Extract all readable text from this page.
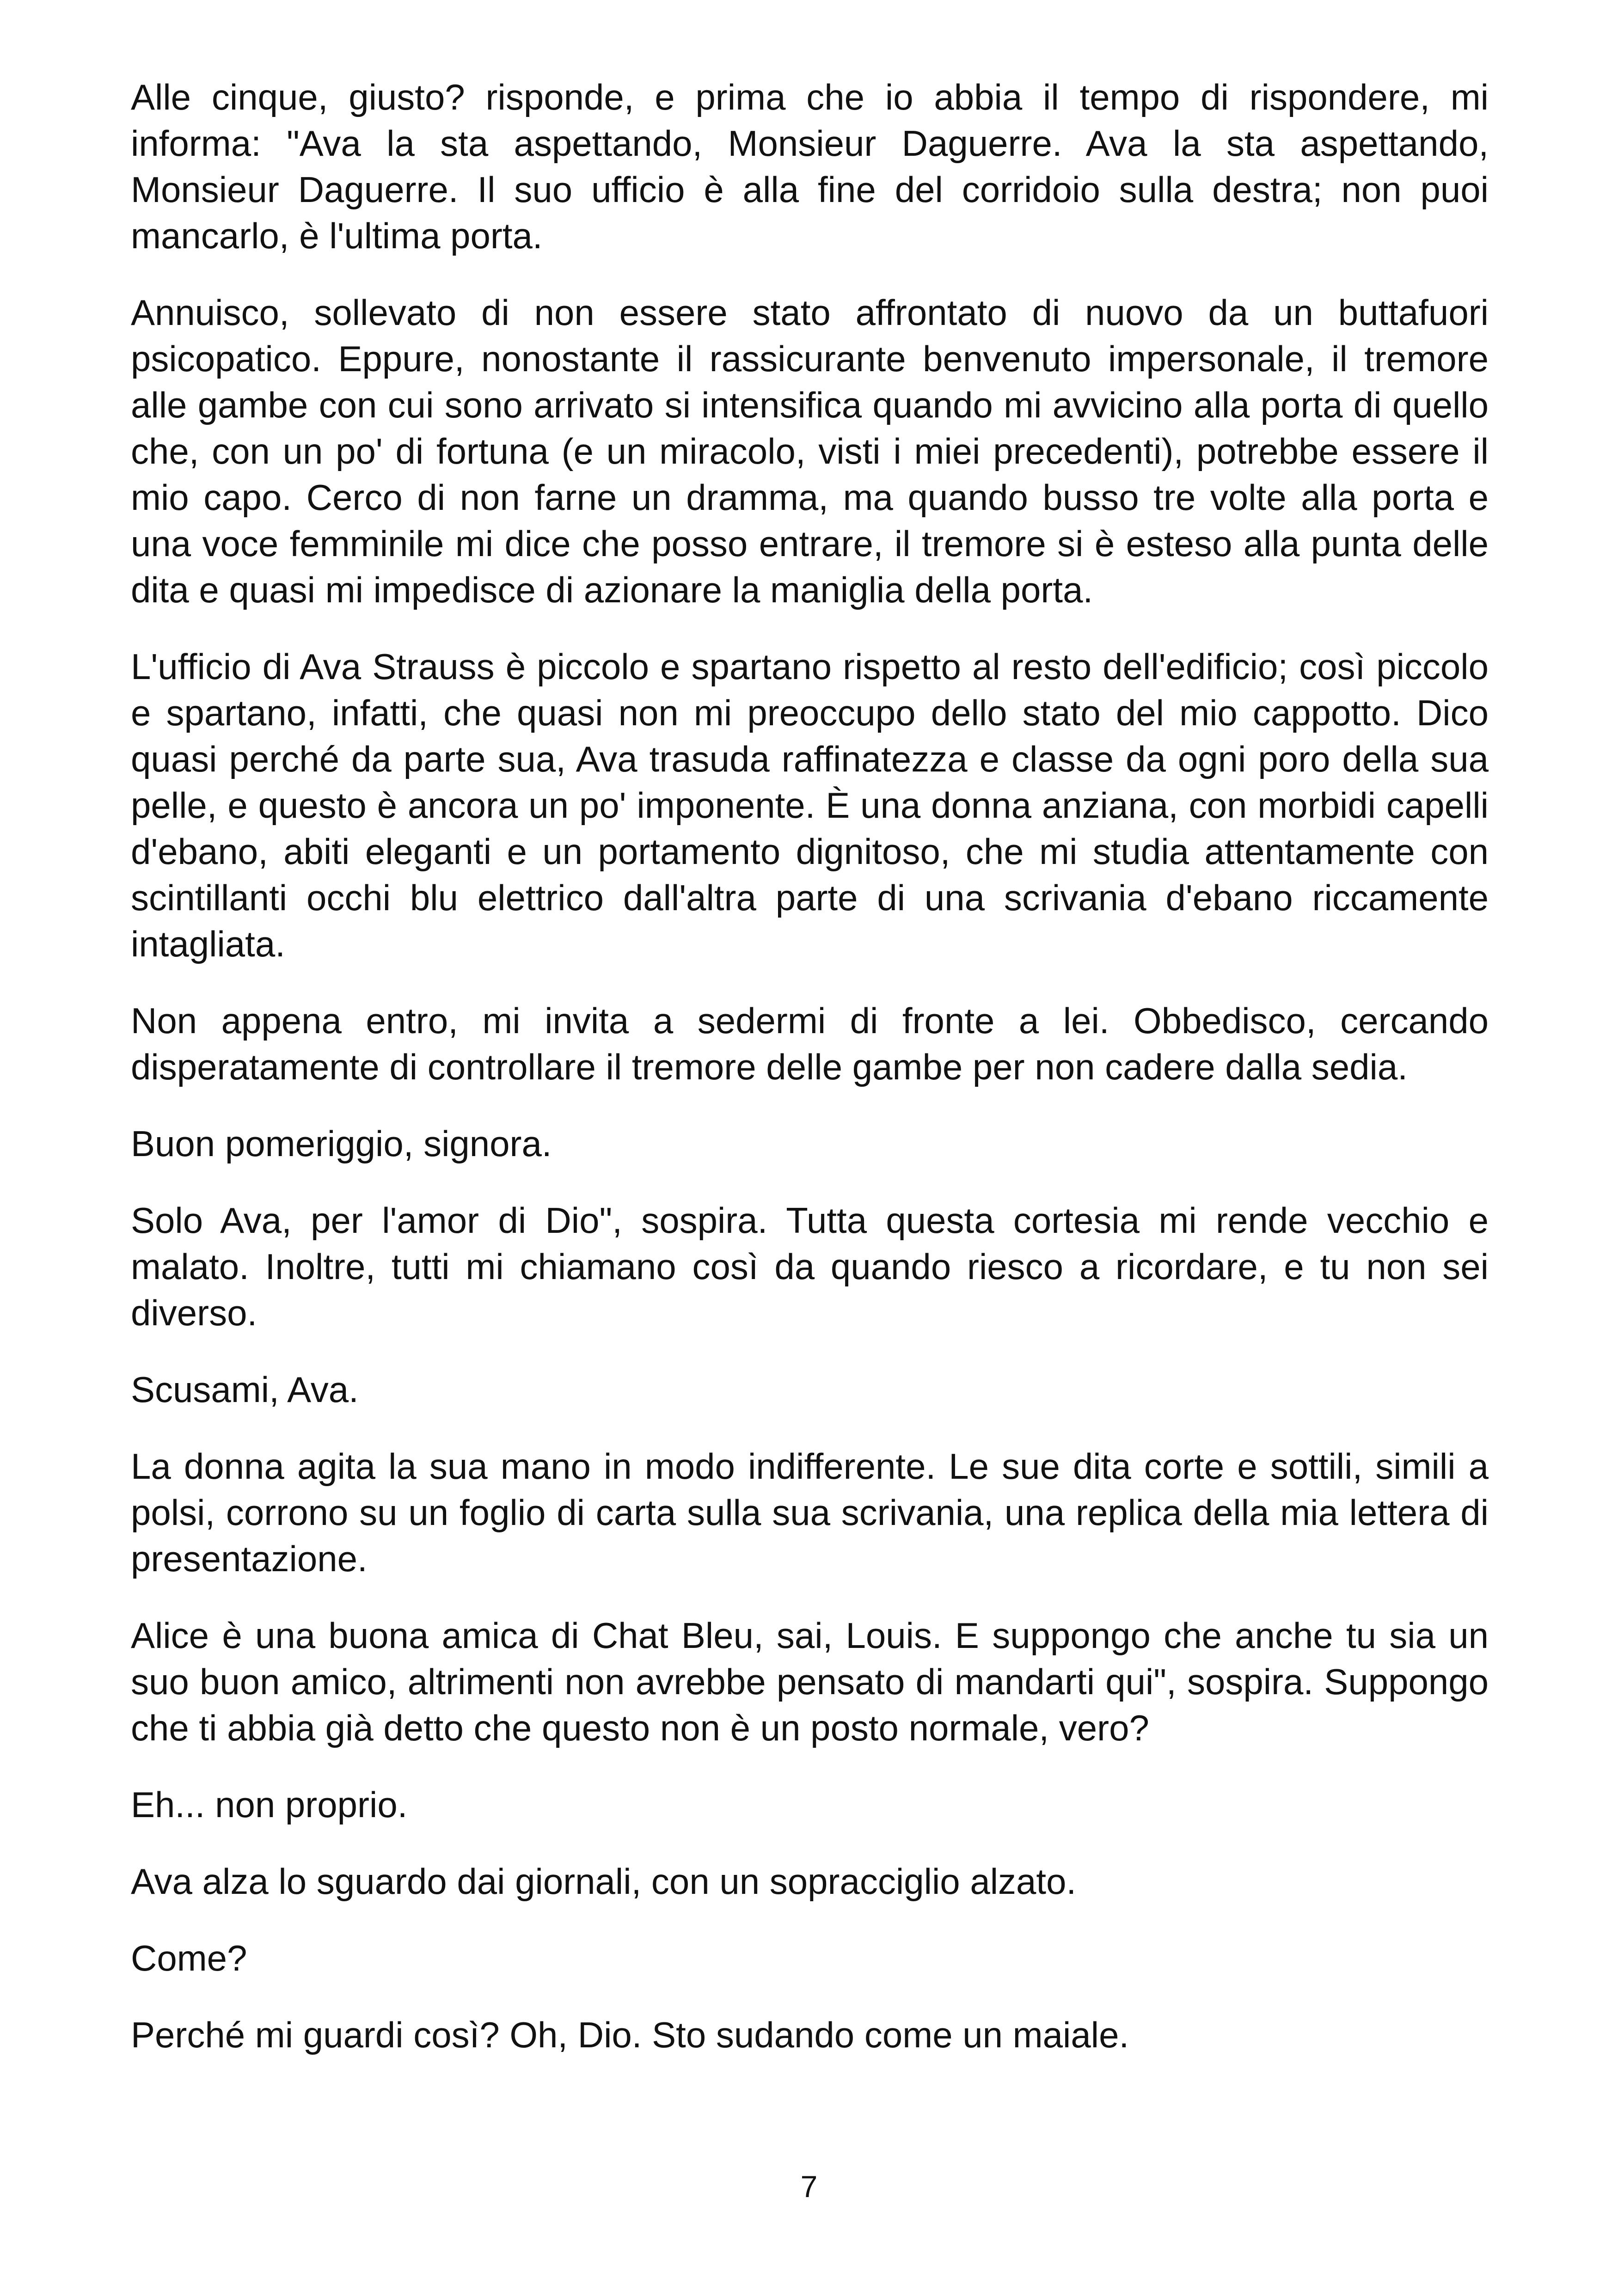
Alle cinque, giusto? risponde, e prima che io abbia il tempo di rispondere, mi informa: "Ava la sta aspettando, Monsieur Daguerre. Ava la sta aspettando, Monsieur Daguerre. Il suo ufficio è alla fine del corridoio sulla destra; non puoi mancarlo, è l'ultima porta.

Annuisco, sollevato di non essere stato affrontato di nuovo da un buttafuori psicopatico. Eppure, nonostante il rassicurante benvenuto impersonale, il tremore alle gambe con cui sono arrivato si intensifica quando mi avvicino alla porta di quello che, con un po' di fortuna (e un miracolo, visti i miei precedenti), potrebbe essere il mio capo. Cerco di non farne un dramma, ma quando busso tre volte alla porta e una voce femminile mi dice che posso entrare, il tremore si è esteso alla punta delle dita e quasi mi impedisce di azionare la maniglia della porta.

L'ufficio di Ava Strauss è piccolo e spartano rispetto al resto dell'edificio; così piccolo e spartano, infatti, che quasi non mi preoccupo dello stato del mio cappotto. Dico quasi perché da parte sua, Ava trasuda raffinatezza e classe da ogni poro della sua pelle, e questo è ancora un po' imponente. È una donna anziana, con morbidi capelli d'ebano, abiti eleganti e un portamento dignitoso, che mi studia attentamente con scintillanti occhi blu elettrico dall'altra parte di una scrivania d'ebano riccamente intagliata.

Non appena entro, mi invita a sedermi di fronte a lei. Obbedisco, cercando disperatamente di controllare il tremore delle gambe per non cadere dalla sedia.

Buon pomeriggio, signora.

Solo Ava, per l'amor di Dio", sospira. Tutta questa cortesia mi rende vecchio e malato. Inoltre, tutti mi chiamano così da quando riesco a ricordare, e tu non sei diverso.

Scusami, Ava.

La donna agita la sua mano in modo indifferente. Le sue dita corte e sottili, simili a polsi, corrono su un foglio di carta sulla sua scrivania, una replica della mia lettera di presentazione.

Alice è una buona amica di Chat Bleu, sai, Louis. E suppongo che anche tu sia un suo buon amico, altrimenti non avrebbe pensato di mandarti qui", sospira. Suppongo che ti abbia già detto che questo non è un posto normale, vero?

Eh... non proprio.

Ava alza lo sguardo dai giornali, con un sopracciglio alzato.

Come?

Perché mi guardi così? Oh, Dio. Sto sudando come un maiale.

7
